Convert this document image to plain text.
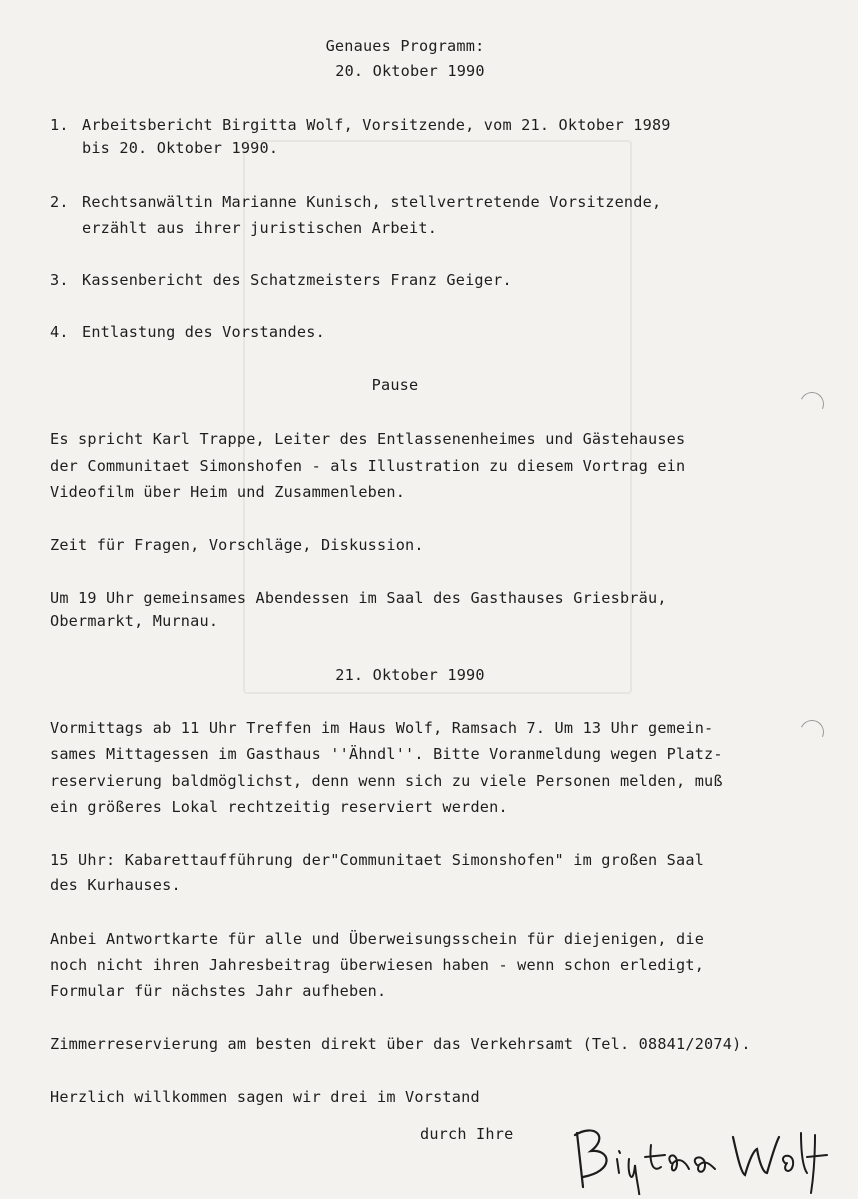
Genaues Programm:
20. Oktober 1990
1. Arbeitsbericht Birgitta Wolf, Vorsitzende, vom 21. Oktober 1989
bis 20. Oktober 1990.
2. Rechtsanwältin Marianne Kunisch, stellvertretende Vorsitzende,
erzählt aus ihrer juristischen Arbeit.
3. Kassenbericht des Schatzmeisters Franz Geiger.
4. Entlastung des Vorstandes.
Pause
Es spricht Karl Trappe, Leiter des Entlassenenheimes und Gästehauses
der Communitaet Simonshofen - als Illustration zu diesem Vortrag ein
Videofilm über Heim und Zusammenleben.
Zeit für Fragen, Vorschläge, Diskussion.
Um 19 Uhr gemeinsames Abendessen im Saal des Gasthauses Griesbräu,
Obermarkt, Murnau.
21. Oktober 1990
Vormittags ab 11 Uhr Treffen im Haus Wolf, Ramsach 7. Um 13 Uhr gemein-
sames Mittagessen im Gasthaus ''Ähndl''. Bitte Voranmeldung wegen Platz-
reservierung baldmöglichst, denn wenn sich zu viele Personen melden, muß
ein größeres Lokal rechtzeitig reserviert werden.
15 Uhr: Kabarettaufführung der"Communitaet Simonshofen" im großen Saal
des Kurhauses.
Anbei Antwortkarte für alle und Überweisungsschein für diejenigen, die
noch nicht ihren Jahresbeitrag überwiesen haben - wenn schon erledigt,
Formular für nächstes Jahr aufheben.
Zimmerreservierung am besten direkt über das Verkehrsamt (Tel. 08841/2074).
Herzlich willkommen sagen wir drei im Vorstand
durch Ihre
